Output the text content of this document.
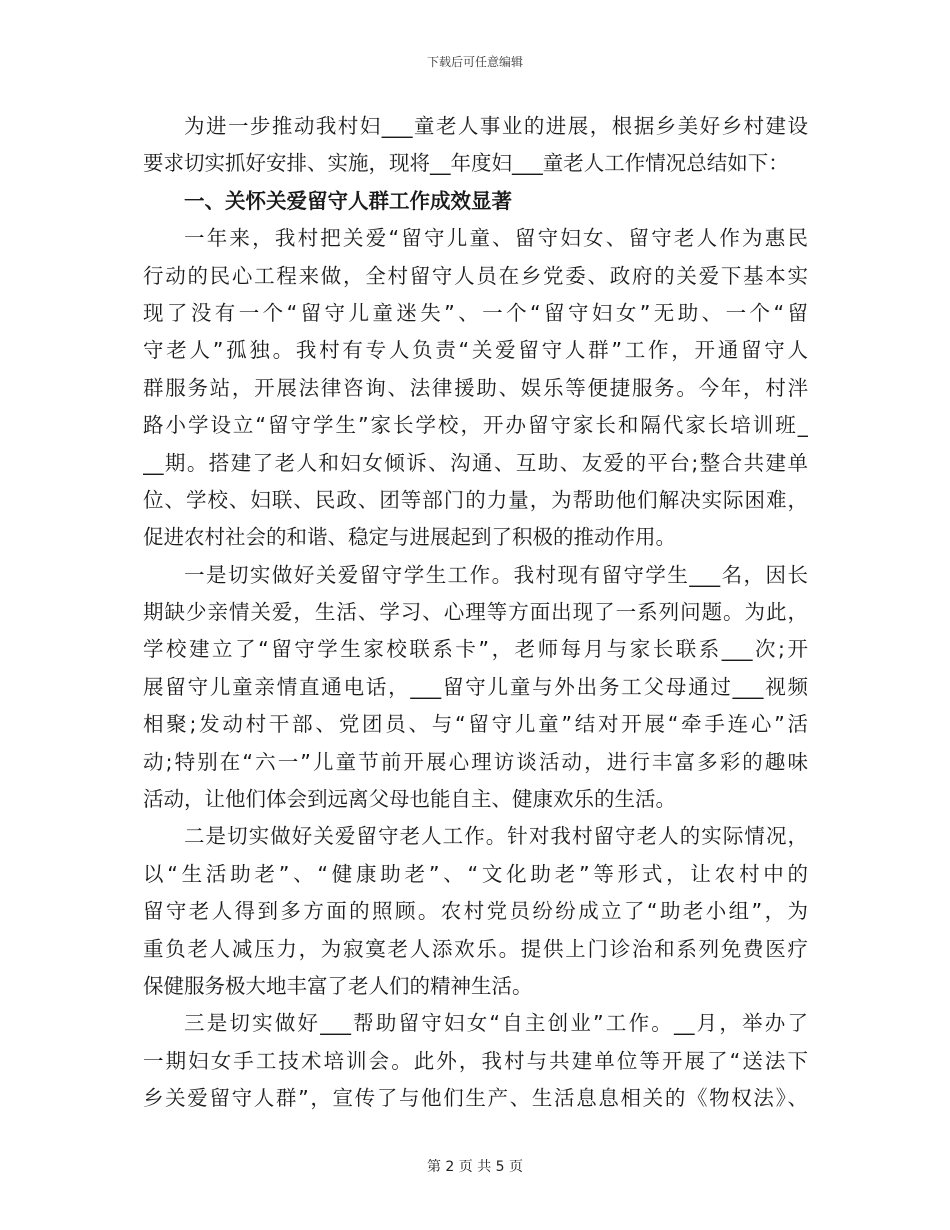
下载后可任意编辑
为进一步推动我村妇___童老人事业的进展，根据乡美好乡村建设
要求切实抓好安排、实施，现将__年度妇___童老人工作情况总结如下：
一、关怀关爱留守人群工作成效显著
一年来，我村把关爱“留守儿童、留守妇女、留守老人作为惠民
行动的民心工程来做，全村留守人员在乡党委、政府的关爱下基本实
现了没有一个“留守儿童迷失”、一个“留守妇女”无助、一个“留
守老人”孤独。我村有专人负责“关爱留守人群”工作，开通留守人
群服务站，开展法律咨询、法律援助、娱乐等便捷服务。今年，村泮
路小学设立“留守学生”家长学校，开办留守家长和隔代家长培训班_
__期。搭建了老人和妇女倾诉、沟通、互助、友爱的平台;整合共建单
位、学校、妇联、民政、团等部门的力量，为帮助他们解决实际困难，
促进农村社会的和谐、稳定与进展起到了积极的推动作用。
一是切实做好关爱留守学生工作。我村现有留守学生___名，因长
期缺少亲情关爱，生活、学习、心理等方面出现了一系列问题。为此，
学校建立了“留守学生家校联系卡”，老师每月与家长联系___次;开
展留守儿童亲情直通电话，___留守儿童与外出务工父母通过___视频
相聚;发动村干部、党团员、与“留守儿童”结对开展“牵手连心”活
动;特别在“六一”儿童节前开展心理访谈活动，进行丰富多彩的趣味
活动，让他们体会到远离父母也能自主、健康欢乐的生活。
二是切实做好关爱留守老人工作。针对我村留守老人的实际情况，
以“生活助老”、“健康助老”、“文化助老”等形式，让农村中的
留守老人得到多方面的照顾。农村党员纷纷成立了“助老小组”，为
重负老人减压力，为寂寞老人添欢乐。提供上门诊治和系列免费医疗
保健服务极大地丰富了老人们的精神生活。
三是切实做好___帮助留守妇女“自主创业”工作。__月，举办了
一期妇女手工技术培训会。此外，我村与共建单位等开展了“送法下
乡关爱留守人群”，宣传了与他们生产、生活息息相关的《物权法》、
第 2 页 共 5 页
